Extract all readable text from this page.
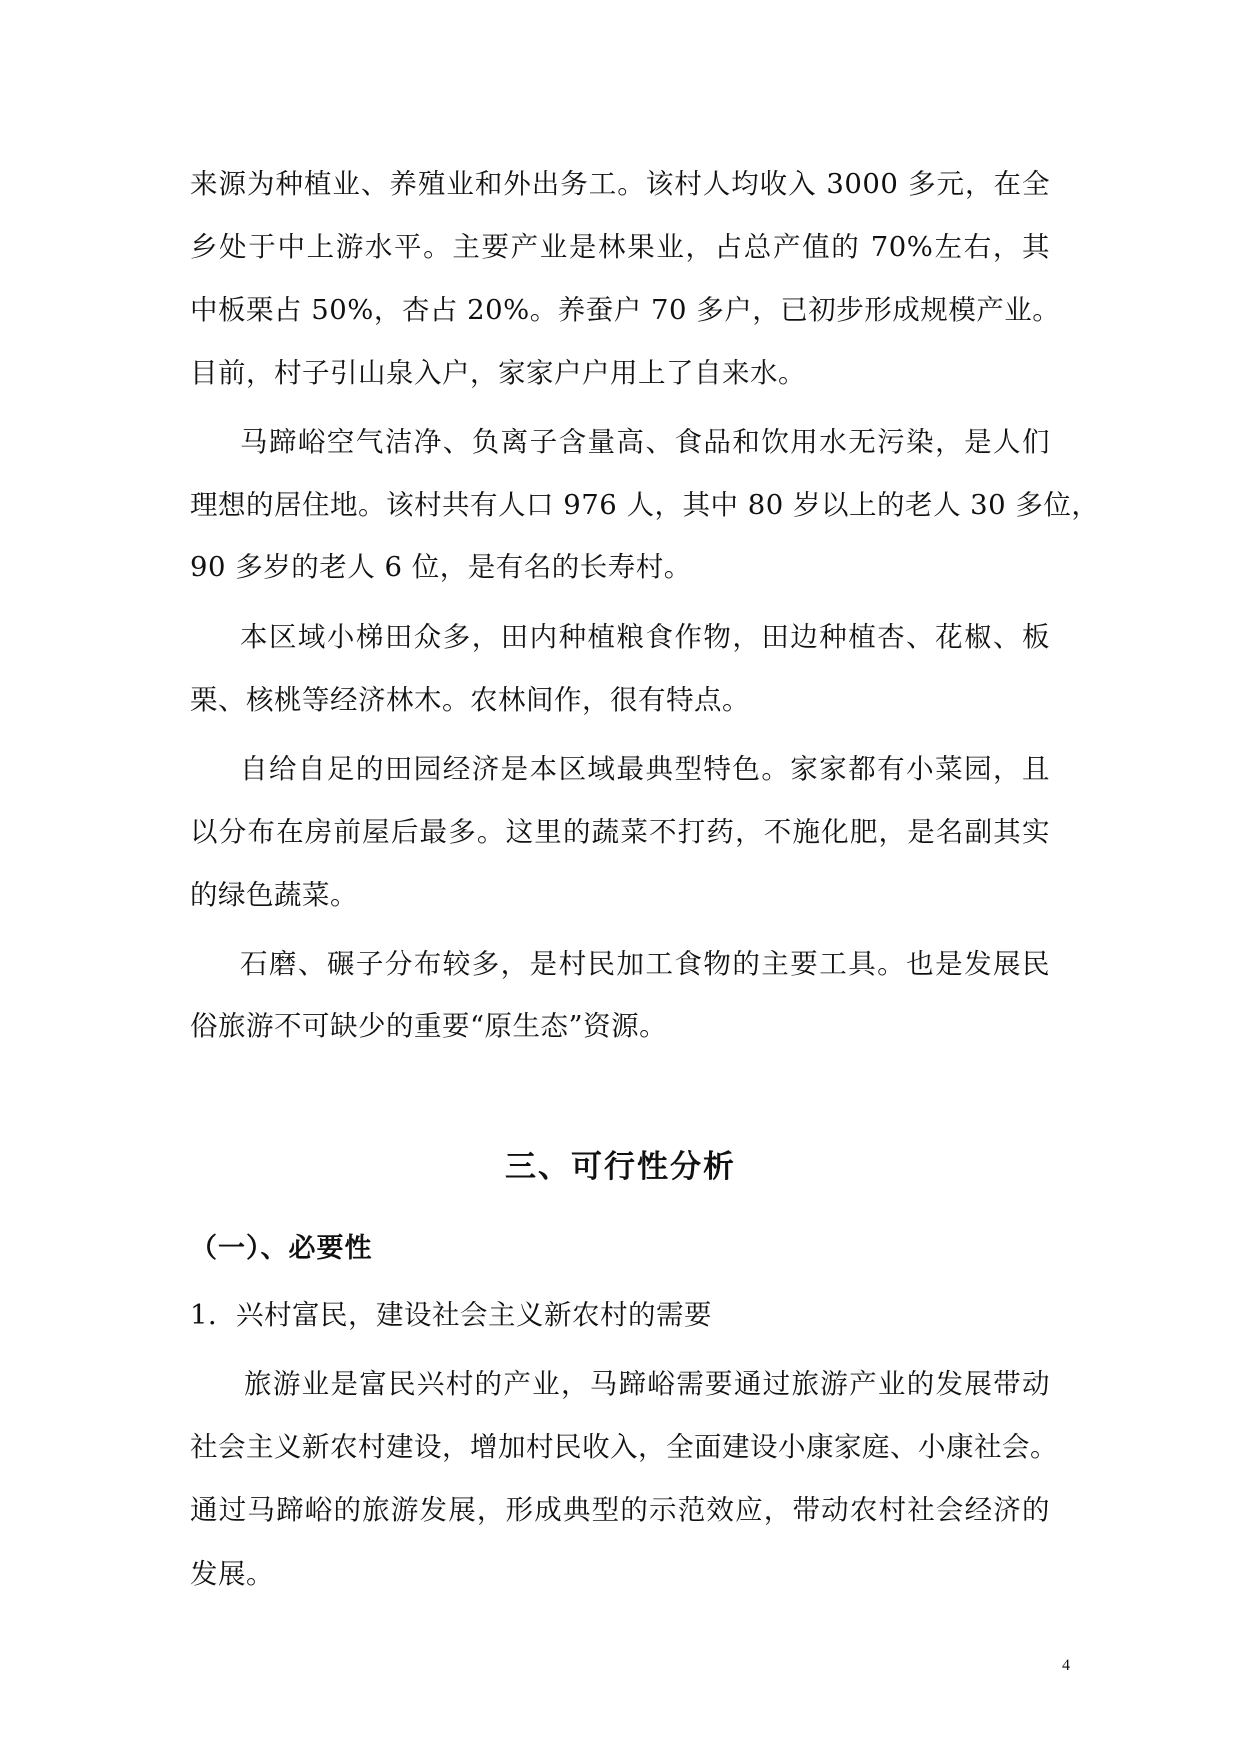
来源为种植业、养殖业和外出务工。该村人均收入 3000 多元，在全
乡处于中上游水平。主要产业是林果业，占总产值的 70%左右，其
中板栗占 50%，杏占 20%。养蚕户 70 多户，已初步形成规模产业。
目前，村子引山泉入户，家家户户用上了自来水。
马蹄峪空气洁净、负离子含量高、食品和饮用水无污染，是人们
理想的居住地。该村共有人口 976 人，其中 80 岁以上的老人 30 多位，
90 多岁的老人 6 位，是有名的长寿村。
本区域小梯田众多，田内种植粮食作物，田边种植杏、花椒、板
栗、核桃等经济林木。农林间作，很有特点。
自给自足的田园经济是本区域最典型特色。家家都有小菜园，且
以分布在房前屋后最多。这里的蔬菜不打药，不施化肥，是名副其实
的绿色蔬菜。
石磨、碾子分布较多，是村民加工食物的主要工具。也是发展民
俗旅游不可缺少的重要“原生态”资源。
三、可行性分析
（一）、必要性
1．兴村富民，建设社会主义新农村的需要
旅游业是富民兴村的产业，马蹄峪需要通过旅游产业的发展带动
社会主义新农村建设，增加村民收入，全面建设小康家庭、小康社会。
通过马蹄峪的旅游发展，形成典型的示范效应，带动农村社会经济的
发展。
4
